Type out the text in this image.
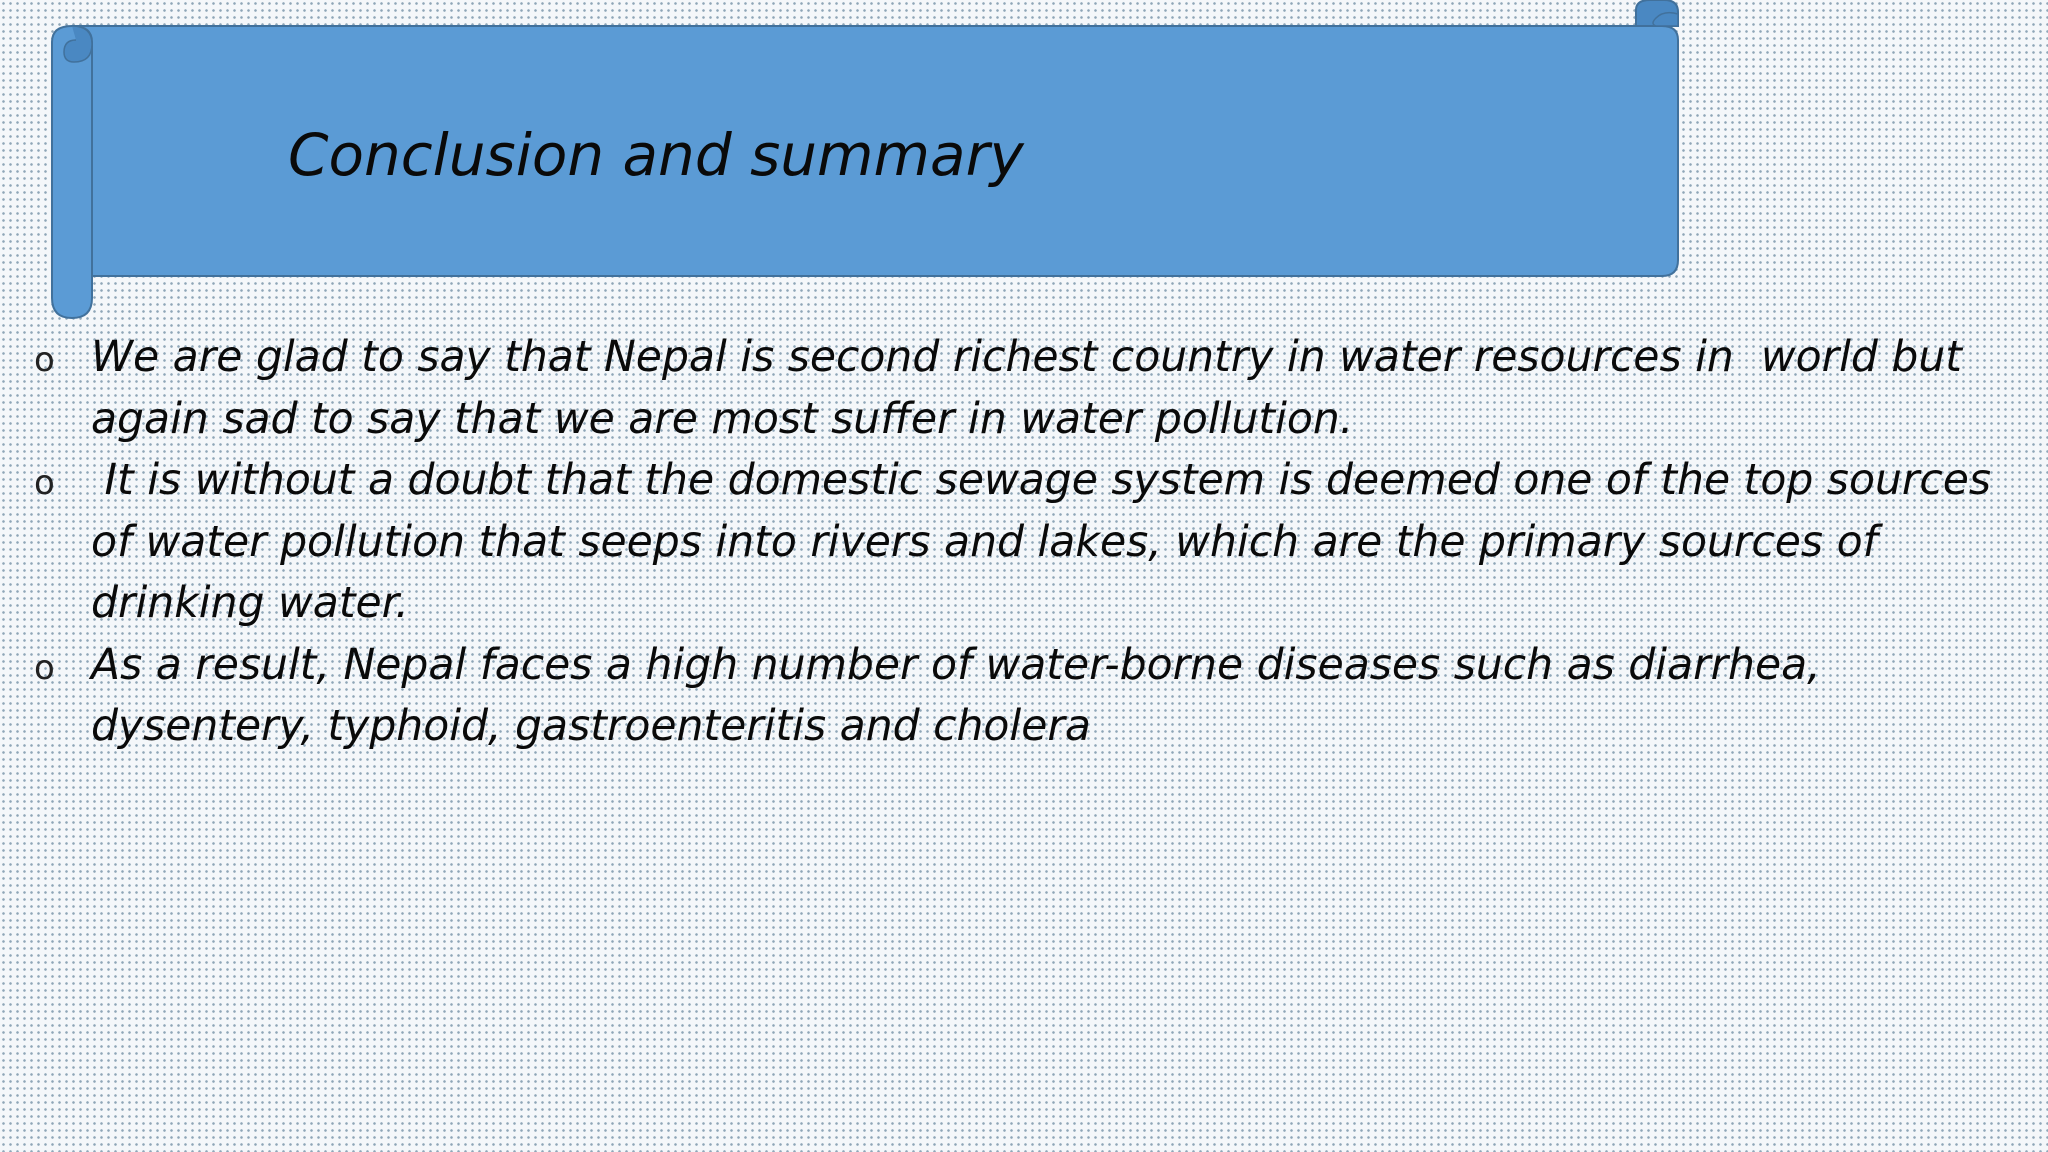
Conclusion and summary
o We are glad to say that Nepal is second richest country in water resources in  world but again sad to say that we are most suffer in water pollution.
o It is without a doubt that the domestic sewage system is deemed one of the top sources of water pollution that seeps into rivers and lakes, which are the primary sources of drinking water.
o As a result, Nepal faces a high number of water-borne diseases such as diarrhea, dysentery, typhoid, gastroenteritis and cholera
